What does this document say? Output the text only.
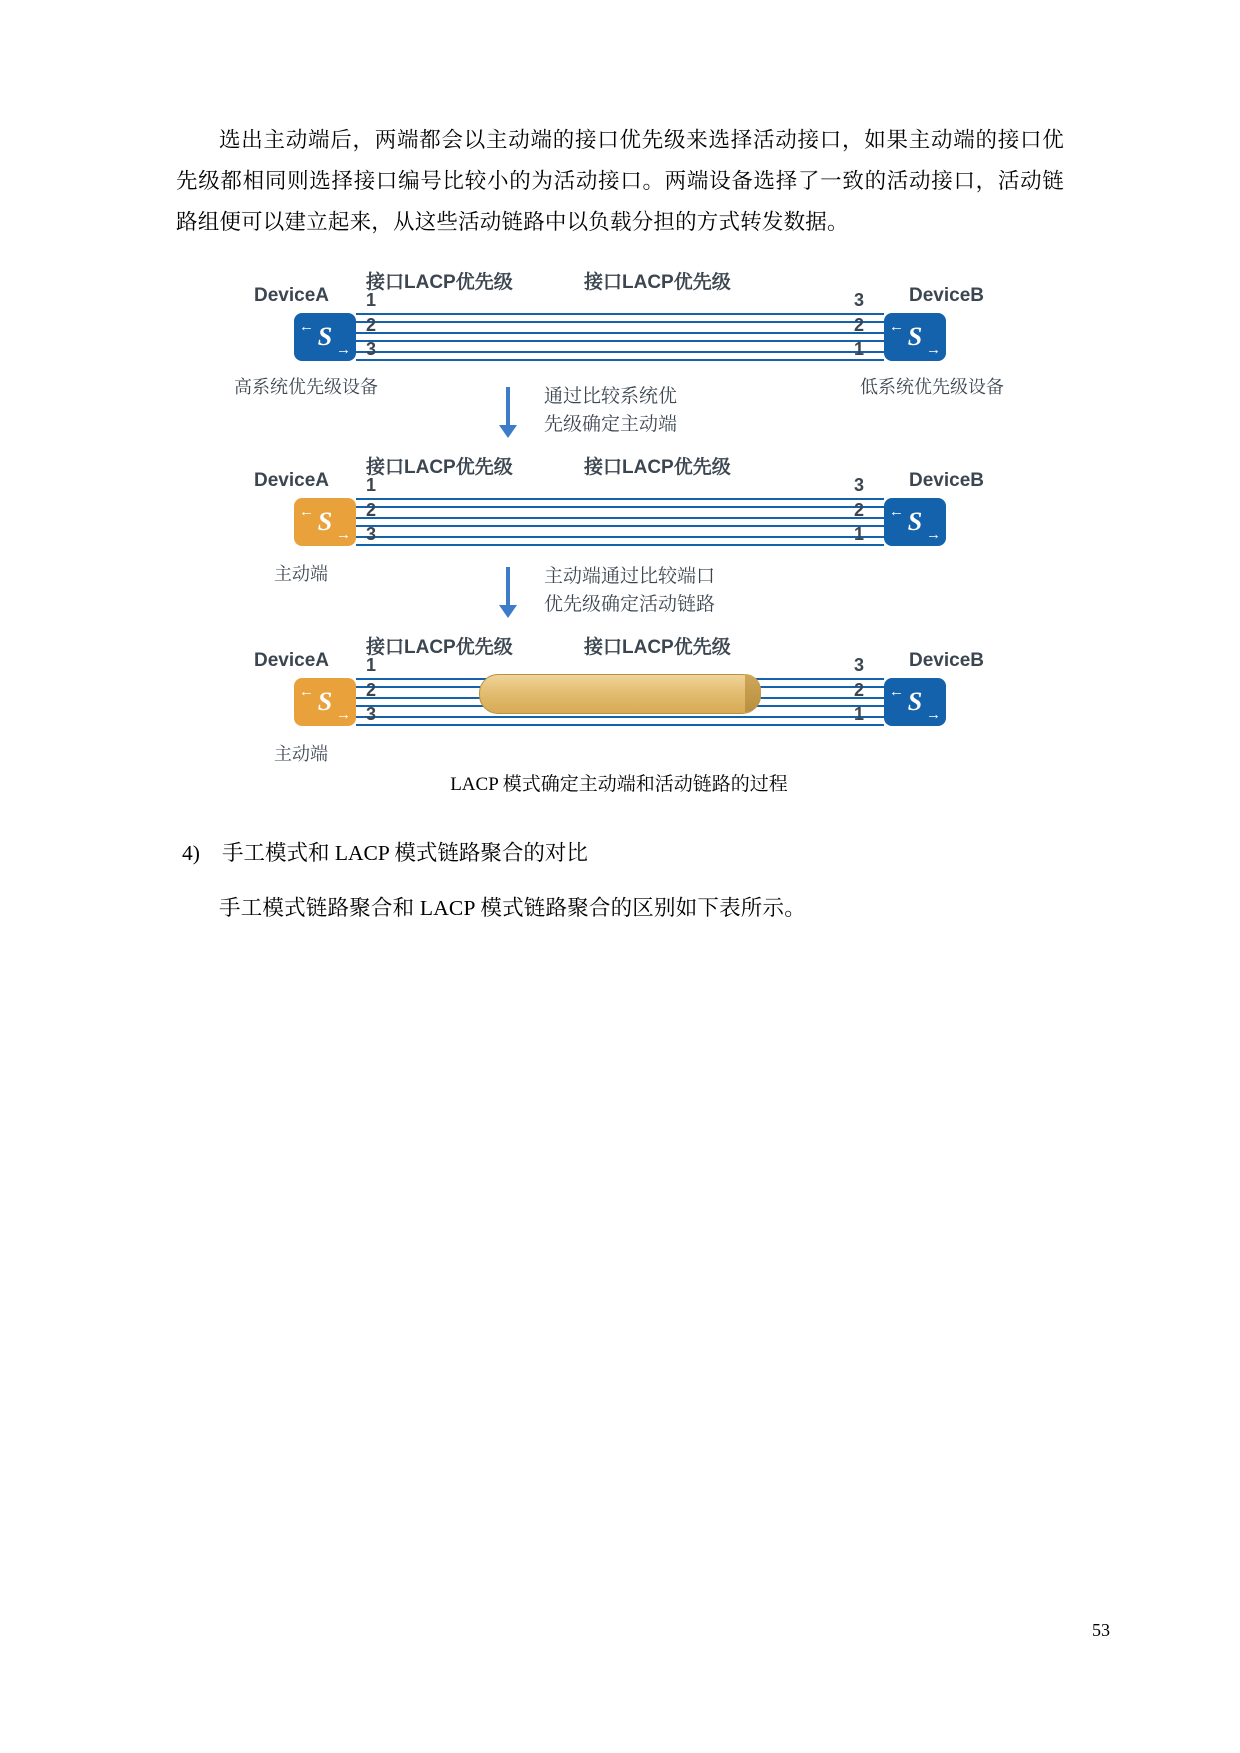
选出主动端后，两端都会以主动端的接口优先级来选择活动接口，如果主动端的接口优先级都相同则选择接口编号比较小的为活动接口。两端设备选择了一致的活动接口，活动链路组便可以建立起来，从这些活动链路中以负载分担的方式转发数据。

DeviceA	DeviceB
接口LACP优先级	接口LACP优先级
1
2
3
3
2
1
← S →
← S →
高系统优先级设备	低系统优先级设备
通过比较系统优
先级确定主动端
DeviceA	DeviceB
接口LACP优先级	接口LACP优先级
1
2
3
3
2
1
← S →
← S →
主动端	主动端通过比较端口
优先级确定活动链路
DeviceA	DeviceB
接口LACP优先级	接口LACP优先级
1
2
3
3
2
1
← S →
← S →
主动端
LACP 模式确定主动端和活动链路的过程
4) 手工模式和 LACP 模式链路聚合的对比

手工模式链路聚合和 LACP 模式链路聚合的区别如下表所示。

53
